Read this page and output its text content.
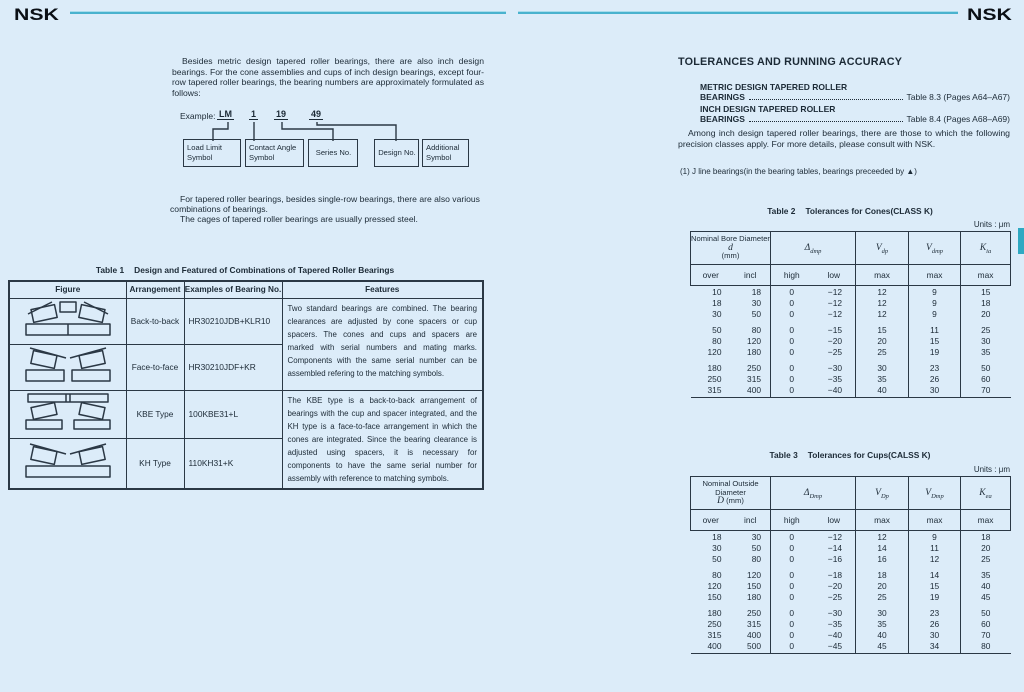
NSK	NSK
Besides metric design tapered roller bearings, there are also inch design bearings. For the cone assemblies and cups of inch design bearings, except four-row tapered roller bearings, the bearing numbers are approximately formulated as follows:
Example: LM 1 19	49
Load Limit Symbol
Contact Angle Symbol
Series No.	Design No.
Additional Symbol

For tapered roller bearings, besides single-row bearings, there are also various combinations of bearings.

The cages of tapered roller bearings are usually pressed steel.

Table 1 Design and Featured of Combinations of Tapered Roller Bearings
Figure	Arrangement	Examples of Bearing No.	Features
	Back-to-back	HR30210JDB+KLR10	Two standard bearings are combined. The bearing clearances are adjusted by cone spacers or cup spacers. The cones and cups and spacers are marked with serial numbers and mating marks. Components with the same serial number can be assembled refering to the matching symbols.
	Face-to-face	HR30210JDF+KR	
	KBE Type	100KBE31+L	The KBE type is a back-to-back arrangement of bearings with the cup and spacer integrated, and the KH type is a face-to-face arrangement in which the cones are integrated. Since the bearing clearance is adjusted using spacers, it is necessary for components to have the same serial number for assembly with reference to matching symbols.
	KH Type	110KH31+K	
TOLERANCES AND RUNNING ACCURACY
METRIC DESIGN TAPERED ROLLER
BEARINGS	Table 8.3 (Pages A64–A67)
INCH DESIGN TAPERED ROLLER
BEARINGS	Table 8.4 (Pages A68–A69)
Among inch design tapered roller bearings, there are those to which the following precision classes apply. For more details, please consult with NSK.
(1) J line bearings(in the bearing tables, bearings preceeded by ▲)
Table 2 Tolerances for Cones(CLASS K)
Units : μm
Nominal Bore Diameter
d
(mm)		$\Delta_{dmp}$		$V_{dp}$	$V_{dmp}$	$K_{ia}$
over	incl	high	low	max	max	max
10	18	0	−12	12	9	15
18	30	0	−12	12	9	18
30	50	0	−12	12	9	20
50	80	0	−15	15	11	25
80	120	0	−20	20	15	30
120	180	0	−25	25	19	35
180	250	0	−30	30	23	50
250	315	0	−35	35	26	60
315	400	0	−40	40	30	70
Table 3 Tolerances for Cups(CALSS K)
Units : μm
Nominal Outside
Diameter
D (mm)		$\Delta_{Dmp}$		$V_{Dp}$	$V_{Dmp}$	$K_{ea}$
over	incl	high	low	max	max	max
18	30	0	−12	12	9	18
30	50	0	−14	14	11	20
50	80	0	−16	16	12	25
80	120	0	−18	18	14	35
120	150	0	−20	20	15	40
150	180	0	−25	25	19	45
180	250	0	−30	30	23	50
250	315	0	−35	35	26	60
315	400	0	−40	40	30	70
400	500	0	−45	45	34	80
